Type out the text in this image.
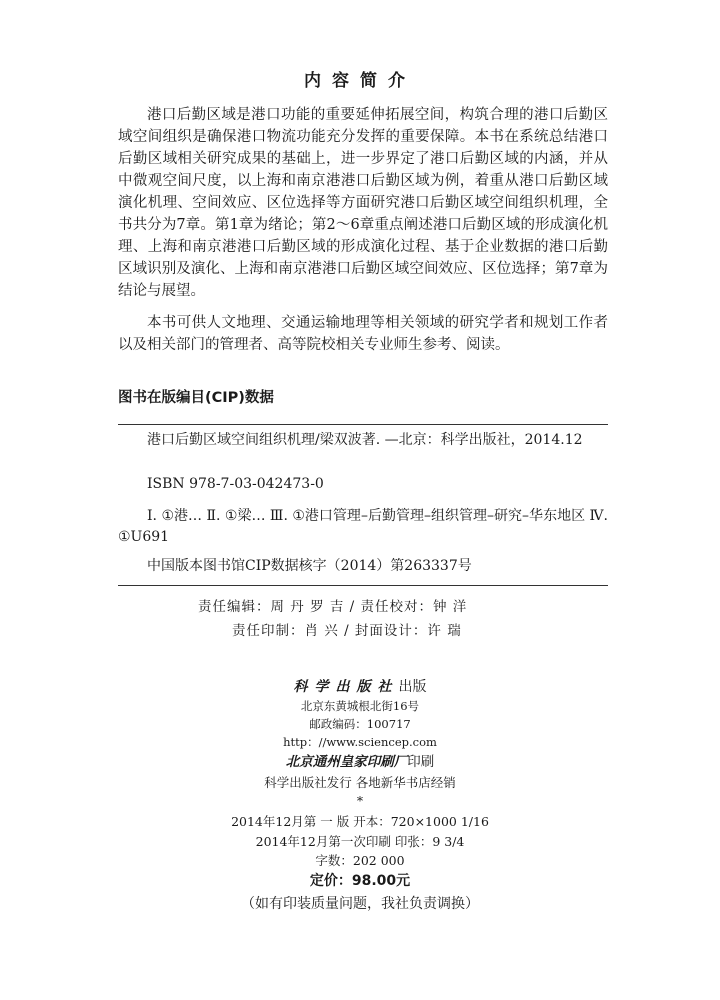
内容简介
港口后勤区域是港口功能的重要延伸拓展空间，构筑合理的港口后勤区域空间组织是确保港口物流功能充分发挥的重要保障。本书在系统总结港口后勤区域相关研究成果的基础上，进一步界定了港口后勤区域的内涵，并从中微观空间尺度，以上海和南京港港口后勤区域为例，着重从港口后勤区域演化机理、空间效应、区位选择等方面研究港口后勤区域空间组织机理，全书共分为7章。第1章为绪论；第2～6章重点阐述港口后勤区域的形成演化机理、上海和南京港港口后勤区域的形成演化过程、基于企业数据的港口后勤区域识别及演化、上海和南京港港口后勤区域空间效应、区位选择；第7章为结论与展望。
本书可供人文地理、交通运输地理等相关领域的研究学者和规划工作者以及相关部门的管理者、高等院校相关专业师生参考、阅读。
图书在版编目(CIP)数据
港口后勤区域空间组织机理/梁双波著. —北京：科学出版社，2014.12
ISBN 978-7-03-042473-0
Ⅰ. ①港… Ⅱ. ①梁… Ⅲ. ①港口管理–后勤管理–组织管理–研究–华东地区 Ⅳ. ①U691
中国版本图书馆CIP数据核字（2014）第263337号
责任编辑：周 丹 罗 吉 / 责任校对：钟 洋
责任印制：肖 兴 / 封面设计：许 瑞
科学出版社出版
北京东黄城根北街16号
邮政编码：100717
http：//www.sciencep.com
北京通州皇家印刷厂印刷
科学出版社发行 各地新华书店经销
*
2014年12月第 一 版 开本：720×1000 1/16
2014年12月第一次印刷 印张：9 3/4
字数：202 000
定价：98.00元
（如有印装质量问题，我社负责调换）
